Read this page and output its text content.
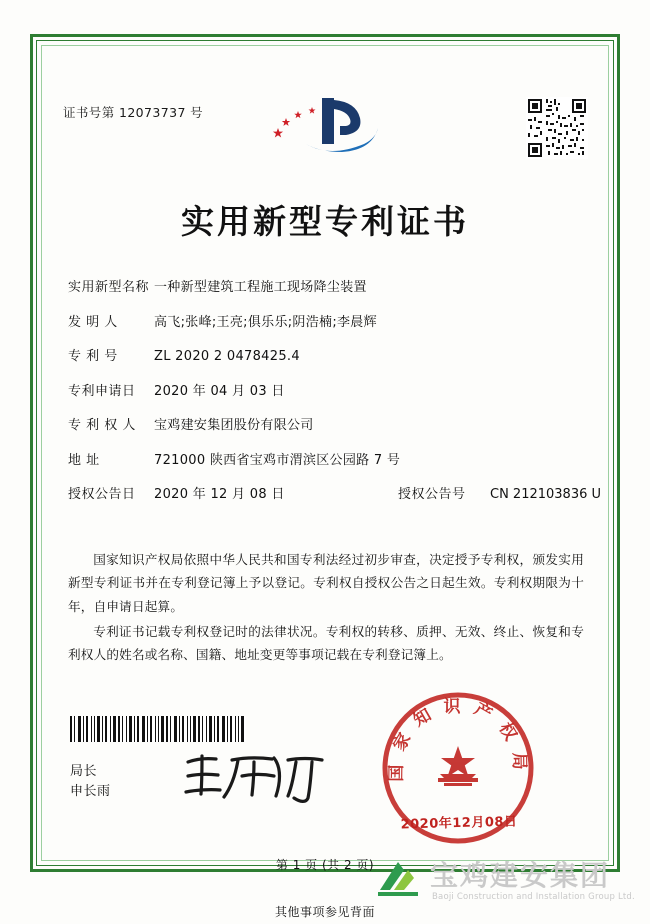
证书号第 12073737 号
实用新型专利证书
实用新型名称 一种新型建筑工程施工现场降尘装置
发 明 人	高飞;张峰;王亮;俱乐乐;阴浩楠;李晨辉
专 利 号	ZL 2020 2 0478425.4
专利申请日	2020 年 04 月 03 日
专 利 权 人	宝鸡建安集团股份有限公司
地 址	721000 陕西省宝鸡市渭滨区公园路 7 号
授权公告日	2020 年 12 月 08 日	授权公告号	CN 212103836 U

国家知识产权局依照中华人民共和国专利法经过初步审查，决定授予专利权，颁发实用新型专利证书并在专利登记簿上予以登记。专利权自授权公告之日起生效。专利权期限为十年，自申请日起算。

专利证书记载专利权登记时的法律状况。专利权的转移、质押、无效、终止、恢复和专利权人的姓名或名称、国籍、地址变更等事项记载在专利登记簿上。

局长
申长雨
国家知识产权局
2020年12月08日
第 1 页 (共 2 页)
其他事项参见背面
宝鸡建安集团
Baoji Construction and Installation Group Ltd.
